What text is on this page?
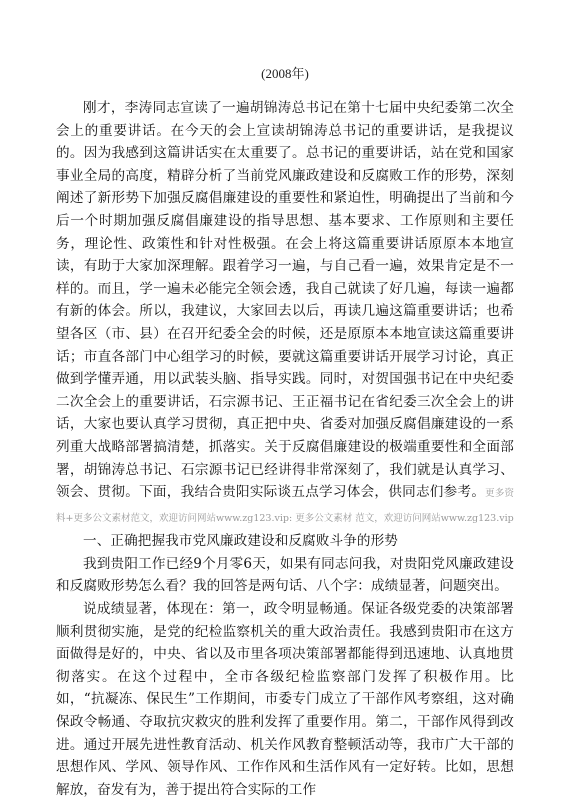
(2008年)

刚才，李涛同志宣读了一遍胡锦涛总书记在第十七届中央纪委第二次全会上的重要讲话。在今天的会上宣读胡锦涛总书记的重要讲话，是我提议的。因为我感到这篇讲话实在太重要了。总书记的重要讲话，站在党和国家事业全局的高度，精辟分析了当前党风廉政建设和反腐败工作的形势，深刻阐述了新形势下加强反腐倡廉建设的重要性和紧迫性，明确提出了当前和今后一个时期加强反腐倡廉建设的指导思想、基本要求、工作原则和主要任务，理论性、政策性和针对性极强。在会上将这篇重要讲话原原本本地宣读，有助于大家加深理解。跟着学习一遍，与自己看一遍，效果肯定是不一样的。而且，学一遍未必能完全领会透，我自己就读了好几遍，每读一遍都有新的体会。所以，我建议，大家回去以后，再读几遍这篇重要讲话；也希望各区（市、县）在召开纪委全会的时候，还是原原本本地宣读这篇重要讲话；市直各部门中心组学习的时候，要就这篇重要讲话开展学习讨论，真正做到学懂弄通，用以武装头脑、指导实践。同时，对贺国强书记在中央纪委二次全会上的重要讲话，石宗源书记、王正福书记在省纪委三次全会上的讲话，大家也要认真学习贯彻，真正把中央、省委对加强反腐倡廉建设的一系列重大战略部署搞清楚，抓落实。关于反腐倡廉建设的极端重要性和全面部署，胡锦涛总书记、石宗源书记已经讲得非常深刻了，我们就是认真学习、领会、贯彻。下面，我结合贵阳实际谈五点学习体会，供同志们参考。更多资料+更多公文素材范文，欢迎访问网站www.zg123.vip: 更多公文素材 范文，欢迎访问网站www.zg123.vip

一、正确把握我市党风廉政建设和反腐败斗争的形势

我到贵阳工作已经9个月零6天，如果有同志问我，对贵阳党风廉政建设和反腐败形势怎么看？我的回答是两句话、八个字：成绩显著，问题突出。

说成绩显著，体现在：第一，政令明显畅通。保证各级党委的决策部署顺利贯彻实施，是党的纪检监察机关的重大政治责任。我感到贵阳市在这方面做得是好的，中央、省以及市里各项决策部署都能得到迅速地、认真地贯彻落实。在这个过程中，全市各级纪检监察部门发挥了积极作用。比如，“抗凝冻、保民生”工作期间，市委专门成立了干部作风考察组，这对确保政令畅通、夺取抗灾救灾的胜利发挥了重要作用。第二，干部作风得到改进。通过开展先进性教育活动、机关作风教育整顿活动等，我市广大干部的思想作风、学风、领导作风、工作作风和生活作风有一定好转。比如，思想解放，奋发有为，善于提出符合实际的工作
